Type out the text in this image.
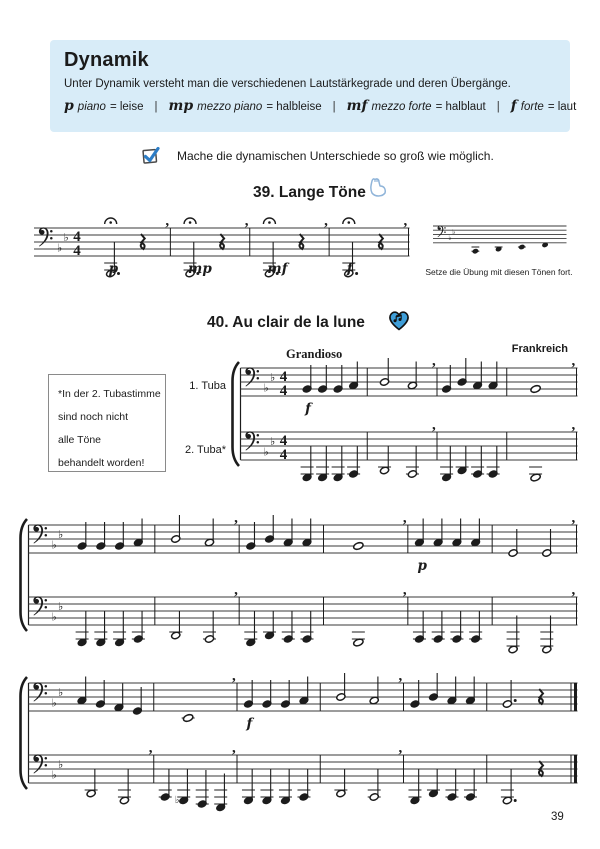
Dynamik
Unter Dynamik versteht man die verschiedenen Lautstärkegrade und deren Übergänge.
p piano = leise | mp mezzo piano = halbleise | mf mezzo forte = halblaut | f forte = laut
Mache die dynamischen Unterschiede so groß wie möglich.
39. Lange Töne
♭
♭ 4
4
p
,
mp
,
mf
,
f
,
♭
♭
Setze die Übung mit diesen Tönen fort.
40. Au clair de la lune
Grandioso	Frankreich
1. Tuba
2. Tuba*
*In der 2. Tubastimme
sind noch nicht
alle Töne
behandelt worden!
♭
♭ 4
4
f
,	,
♭
♭ 4
4
,	,
♭
♭
,	,
p
,
♭
♭
,	,	,
♭
♭
,
f
,
♭
♭
,
♭
,	,
39
